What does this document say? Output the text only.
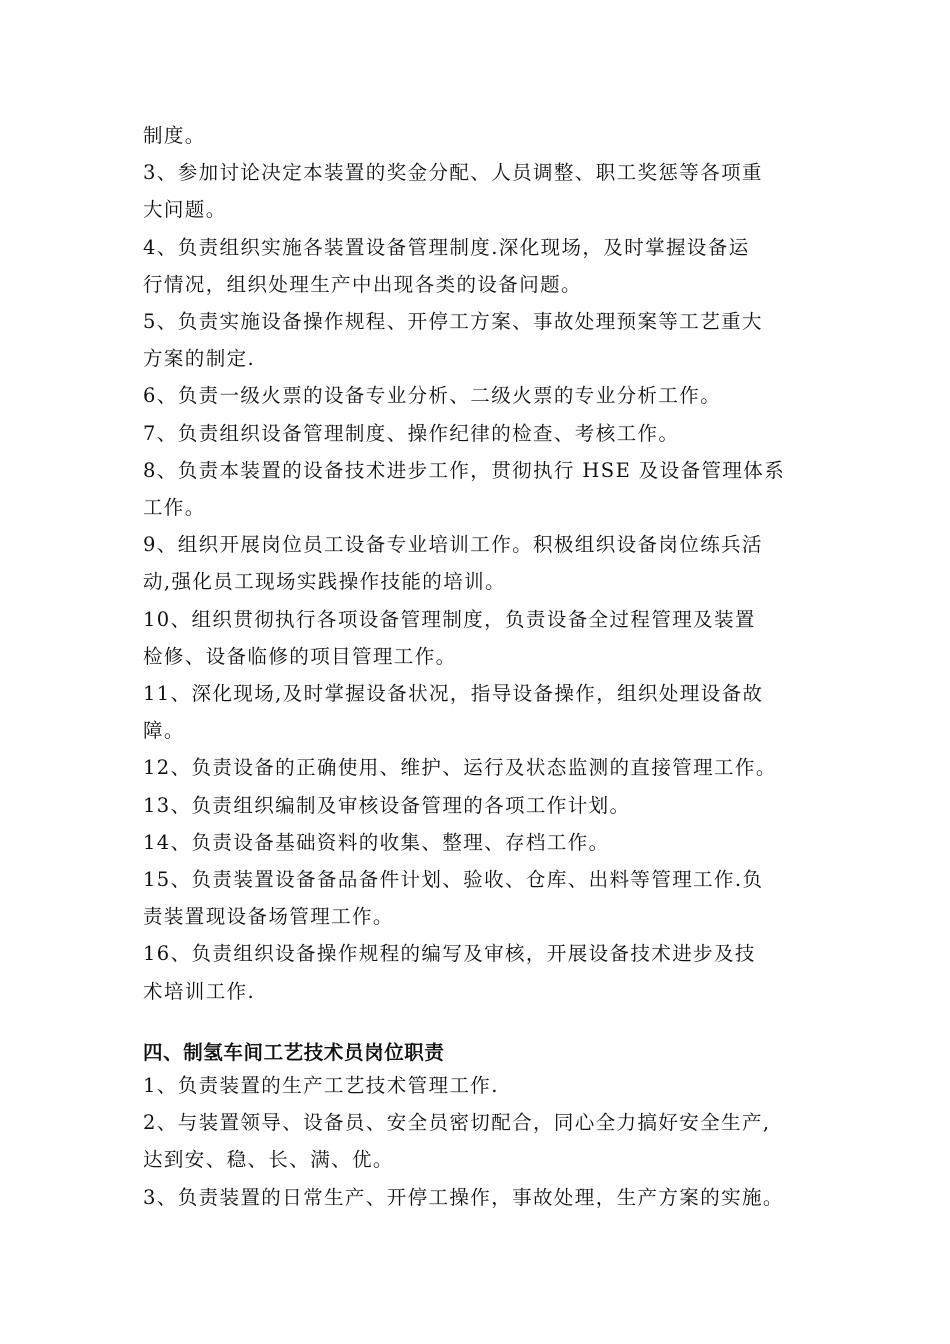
制度。
3、参加讨论决定本装置的奖金分配、人员调整、职工奖惩等各项重
大问题。
4、负责组织实施各装置设备管理制度.深化现场，及时掌握设备运
行情况，组织处理生产中出现各类的设备问题。
5、负责实施设备操作规程、开停工方案、事故处理预案等工艺重大
方案的制定.
6、负责一级火票的设备专业分析、二级火票的专业分析工作。
7、负责组织设备管理制度、操作纪律的检查、考核工作。
8、负责本装置的设备技术进步工作，贯彻执行 HSE 及设备管理体系
工作。
9、组织开展岗位员工设备专业培训工作。积极组织设备岗位练兵活
动,强化员工现场实践操作技能的培训。
10、组织贯彻执行各项设备管理制度，负责设备全过程管理及装置
检修、设备临修的项目管理工作。
11、深化现场,及时掌握设备状况，指导设备操作，组织处理设备故
障。
12、负责设备的正确使用、维护、运行及状态监测的直接管理工作。
13、负责组织编制及审核设备管理的各项工作计划。
14、负责设备基础资料的收集、整理、存档工作。
15、负责装置设备备品备件计划、验收、仓库、出料等管理工作.负
责装置现设备场管理工作。
16、负责组织设备操作规程的编写及审核，开展设备技术进步及技
术培训工作.
四、制氢车间工艺技术员岗位职责
1、负责装置的生产工艺技术管理工作.
2、与装置领导、设备员、安全员密切配合，同心全力搞好安全生产,
达到安、稳、长、满、优。
3、负责装置的日常生产、开停工操作，事故处理，生产方案的实施。
